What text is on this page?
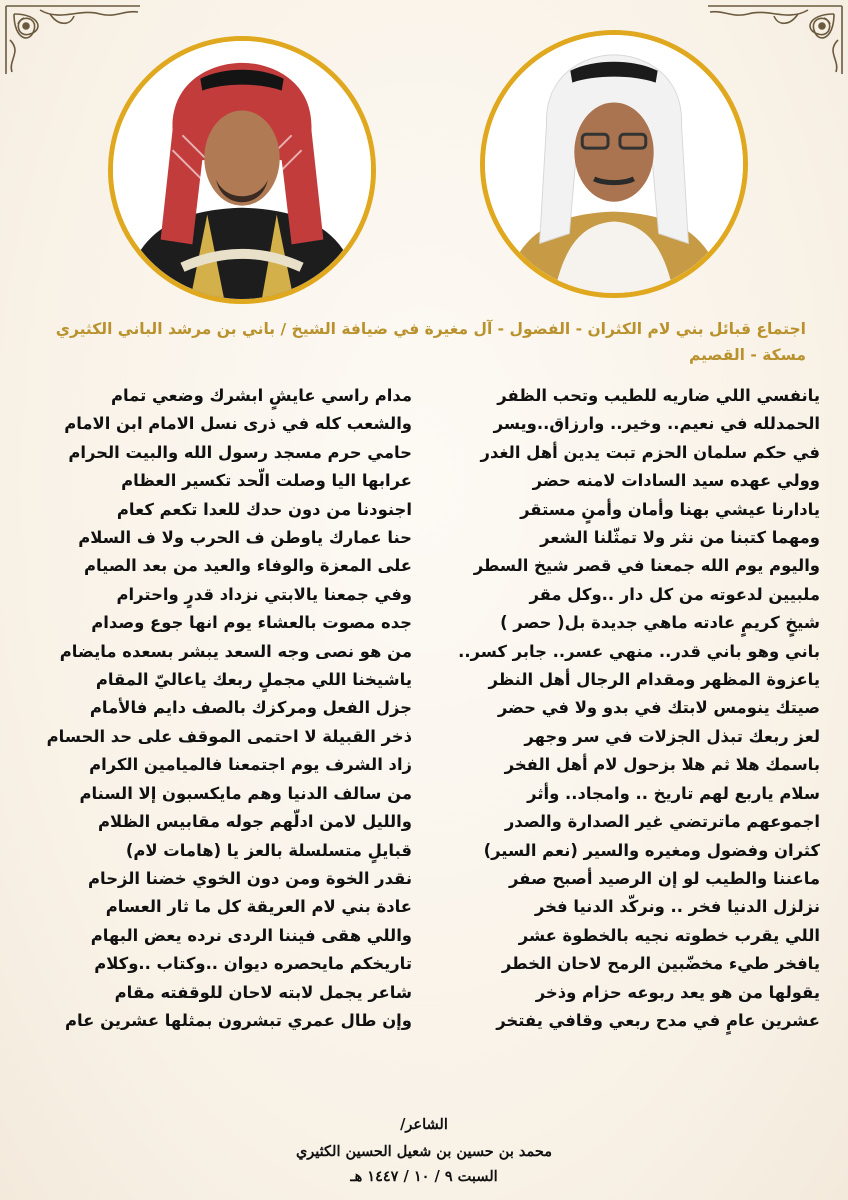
اجتماع قبائل بني لام الكثران - الفضول - آل مغيرة في ضيافة الشيخ / باني بن مرشد الباني الكثيري
مسكة - القصيم
يانفسي اللي ضاريه للطيب وتحب الظفر
الحمدلله في نعيم.. وخير.. وارزاق..ويسر
في حكم سلمان الحزم تبت يدين أهل الغدر
وولي عهده سيد السادات لامنه حضر
يادارنا عيشي بهنا وأمان وأمنٍ مستقر
ومهما كتبنا من نثر ولا تمثّلنا الشعر
واليوم يوم الله جمعنا في قصر شيخ السطر
ملبيين لدعوته من كل دار ..وكل مقر
شيخٍ كريمٍ عادته ماهي جديدة بل( حصر )
باني وهو باني قدر.. منهي عسر.. جابر كسر..
ياعزوة المظهر ومقدام الرجال أهل النظر
صيتك ينومس لابتك في بدو ولا في حضر
لعز ربعك تبذل الجزلات في سر وجهر
باسمك هلا ثم هلا بزحول لام أهل الفخر
سلام ياربع لهم تاريخ .. وامجاد.. وأثر
اجموعهم ماترتضي غير الصدارة والصدر
كثران وفضول ومغيره والسير (نعم السير)
ماعننا والطيب لو إن الرصيد أصبح صفر
نزلزل الدنيا فخر .. ونركّد الدنيا فخر
اللي يقرب خطوته نجيه بالخطوة عشر
يافخر طيء مخضّبين الرمح لاحان الخطر
يقولها من هو يعد ربوعه حزام وذخر
عشرين عامٍ في مدح ربعي وقافي يفتخر
مدام راسي عايشٍ ابشرك وضعي تمام
والشعب كله في ذرى نسل الامام ابن الامام
حامي حرم مسجد رسول الله والبيت الحرام
عرابها اليا وصلت الّحد تكسير العظام
اجنودنا من دون حدك للعدا تكعم كعام
حنا عمارك ياوطن ف الحرب ولا ف السلام
على المعزة والوفاء والعيد من بعد الصيام
وفي جمعنا يالابتي نزداد قدرٍ واحترام
جده مصوت بالعشاء يوم انها جوع وصدام
من هو نصى وجه السعد يبشر بسعده مايضام
ياشيخنا اللي مجملٍ ربعك ياعاليّ المقام
جزل الفعل ومركزك بالصف دايم فالأمام
ذخر القبيلة لا احتمى الموقف على حد الحسام
زاد الشرف يوم اجتمعنا فالميامين الكرام
من سالف الدنيا وهم مايكسبون إلا السنام
والليل لامن ادلّهم جوله مقابيس الظلام
قبايلٍ متسلسلة بالعز يا (هامات لام)
نقدر الخوة ومن دون الخوي خضنا الزحام
عادة بني لام العريقة كل ما ثار العسام
واللي هقى فيننا الردى نرده يعض البهام
تاريخكم مايحصره ديوان ..وكتاب ..وكلام
شاعر يجمل لابته لاحان للوقفته مقام
وإن طال عمري تبشرون بمثلها عشرين عام
الشاعر/
محمد بن حسين بن شعيل الحسين الكثيري
السبت ٩ / ١٠ / ١٤٤٧ هـ
